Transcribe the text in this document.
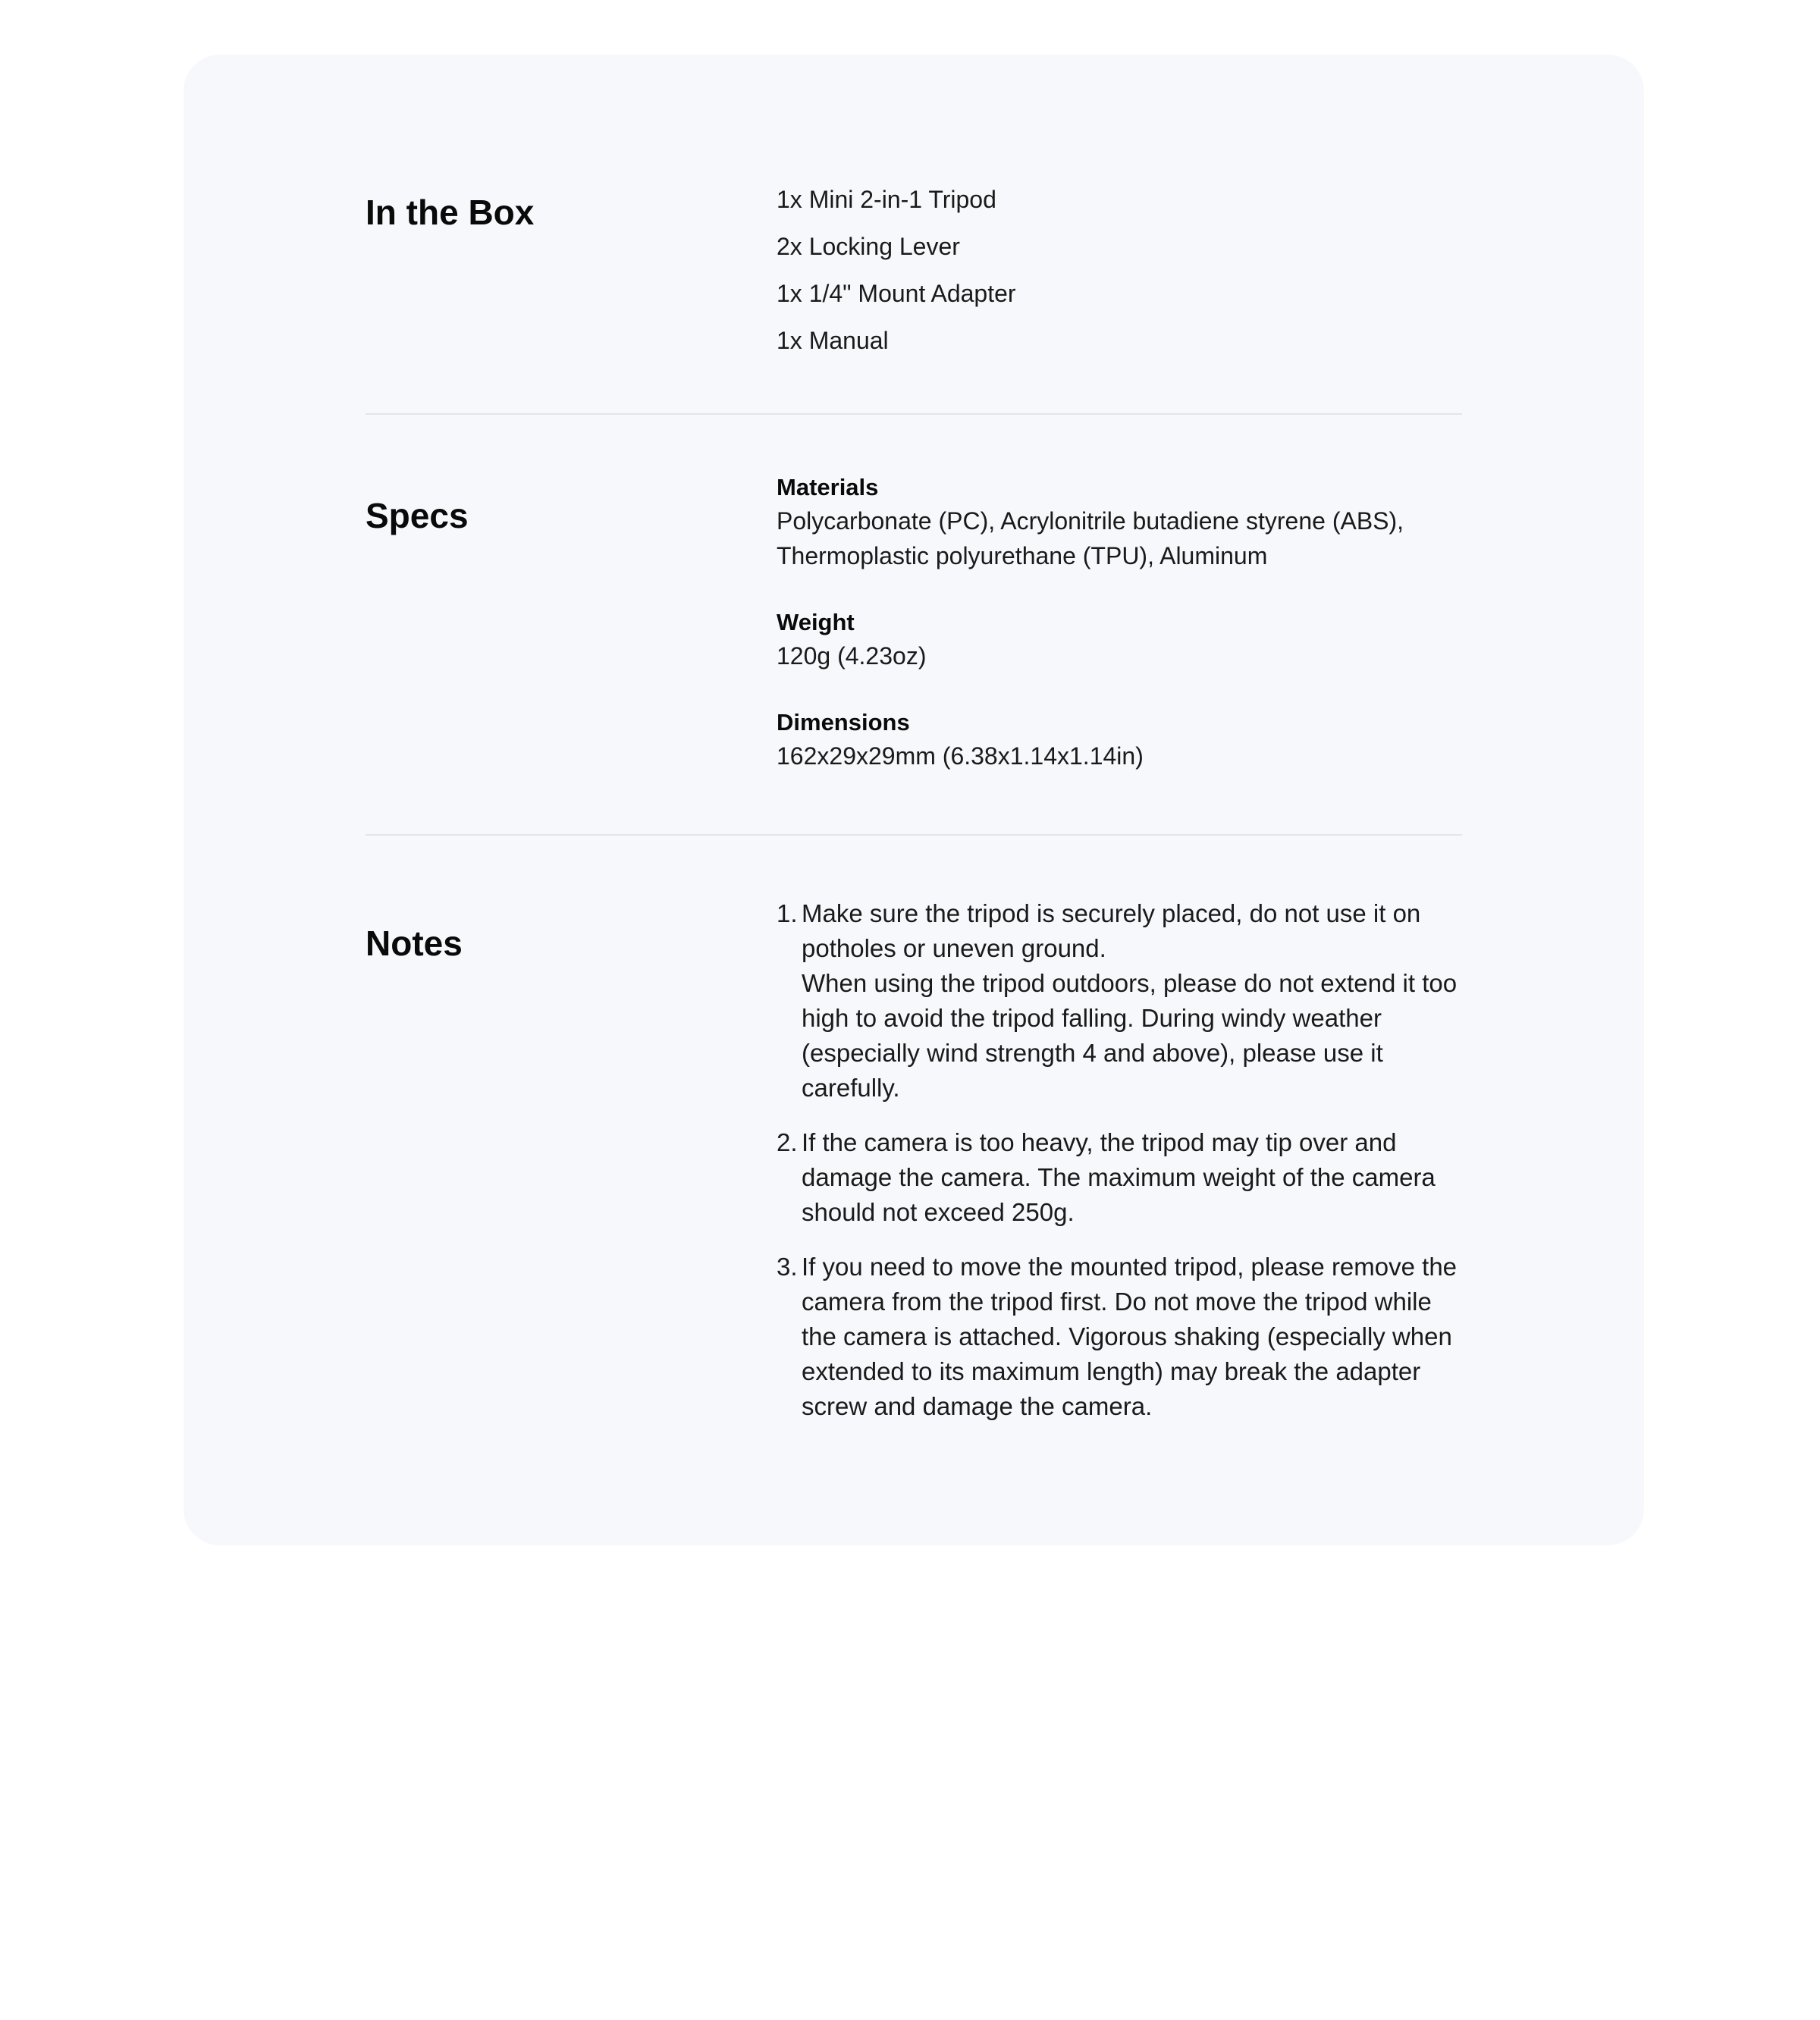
In the Box	1x Mini 2-in-1 Tripod
2x Locking Lever
1x 1/4" Mount Adapter
1x Manual
Specs
Materials
Polycarbonate (PC), Acrylonitrile butadiene styrene (ABS), Thermoplastic polyurethane (TPU), Aluminum
Weight
120g (4.23oz)
Dimensions
162x29x29mm (6.38x1.14x1.14in)
Notes
1. Make sure the tripod is securely placed, do not use it on potholes or uneven ground.
When using the tripod outdoors, please do not extend it too high to avoid the tripod falling. During windy weather (especially wind strength 4 and above), please use it carefully.
2. If the camera is too heavy, the tripod may tip over and damage the camera. The maximum weight of the camera should not exceed 250g.
3. If you need to move the mounted tripod, please remove the camera from the tripod first. Do not move the tripod while the camera is attached. Vigorous shaking (especially when extended to its maximum length) may break the adapter screw and damage the camera.
